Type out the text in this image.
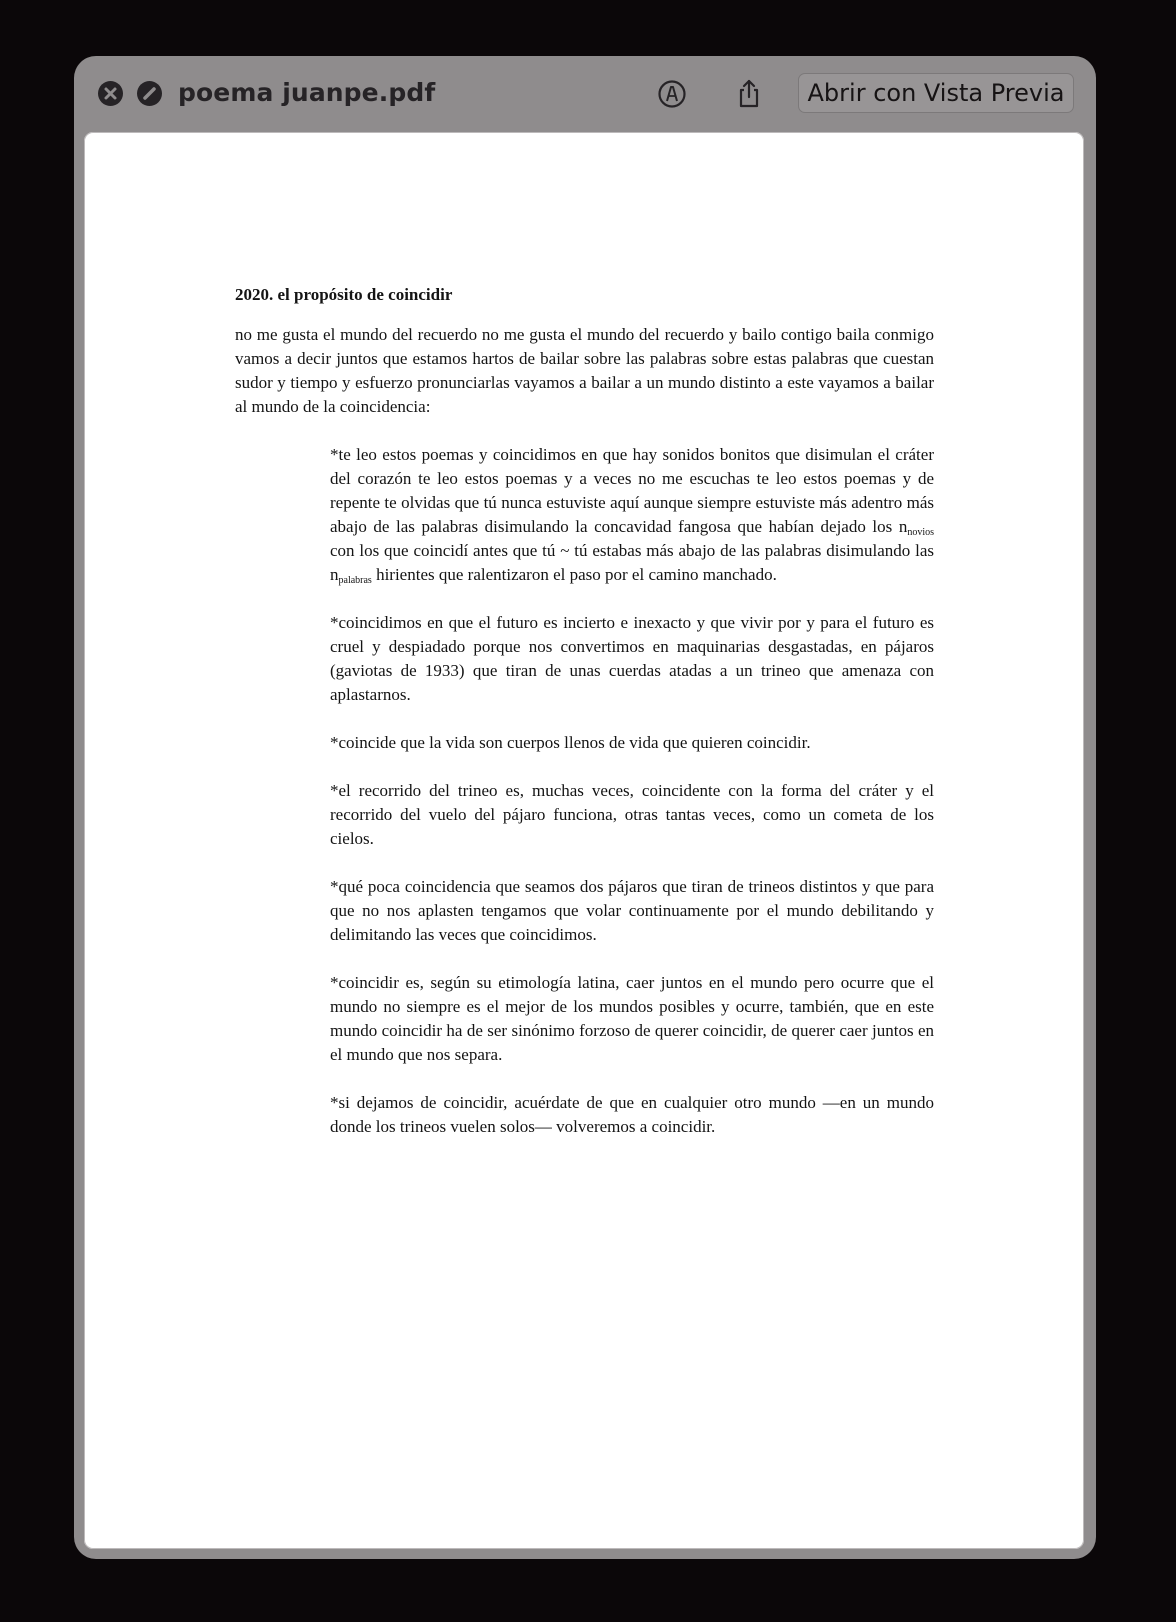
poema juanpe.pdf	Abrir con Vista Previa
2020. el propósito de coincidir

no me gusta el mundo del recuerdo no me gusta el mundo del recuerdo y bailo contigo baila conmigo vamos a decir juntos que estamos hartos de bailar sobre las palabras sobre estas palabras que cuestan sudor y tiempo y esfuerzo pronunciarlas vayamos a bailar a un mundo distinto a este vayamos a bailar al mundo de la coincidencia:

*te leo estos poemas y coincidimos en que hay sonidos bonitos que disimulan el cráter del corazón te leo estos poemas y a veces no me escuchas te leo estos poemas y de repente te olvidas que tú nunca estuviste aquí aunque siempre estuviste más adentro más abajo de las palabras disimulando la concavidad fangosa que habían dejado los $n_{novios}$ con los que coincidí antes que tú ~ tú estabas más abajo de las palabras disimulando las $n_{palabras}$ hirientes que ralentizaron el paso por el camino manchado.

*coincidimos en que el futuro es incierto e inexacto y que vivir por y para el futuro es cruel y despiadado porque nos convertimos en maquinarias desgastadas, en pájaros (gaviotas de 1933) que tiran de unas cuerdas atadas a un trineo que amenaza con aplastarnos.

*coincide que la vida son cuerpos llenos de vida que quieren coincidir.

*el recorrido del trineo es, muchas veces, coincidente con la forma del cráter y el recorrido del vuelo del pájaro funciona, otras tantas veces, como un cometa de los cielos.

*qué poca coincidencia que seamos dos pájaros que tiran de trineos distintos y que para que no nos aplasten tengamos que volar continuamente por el mundo debilitando y delimitando las veces que coincidimos.

*coincidir es, según su etimología latina, caer juntos en el mundo pero ocurre que el mundo no siempre es el mejor de los mundos posibles y ocurre, también, que en este mundo coincidir ha de ser sinónimo forzoso de querer coincidir, de querer caer juntos en el mundo que nos separa.

*si dejamos de coincidir, acuérdate de que en cualquier otro mundo —en un mundo donde los trineos vuelen solos— volveremos a coincidir.
